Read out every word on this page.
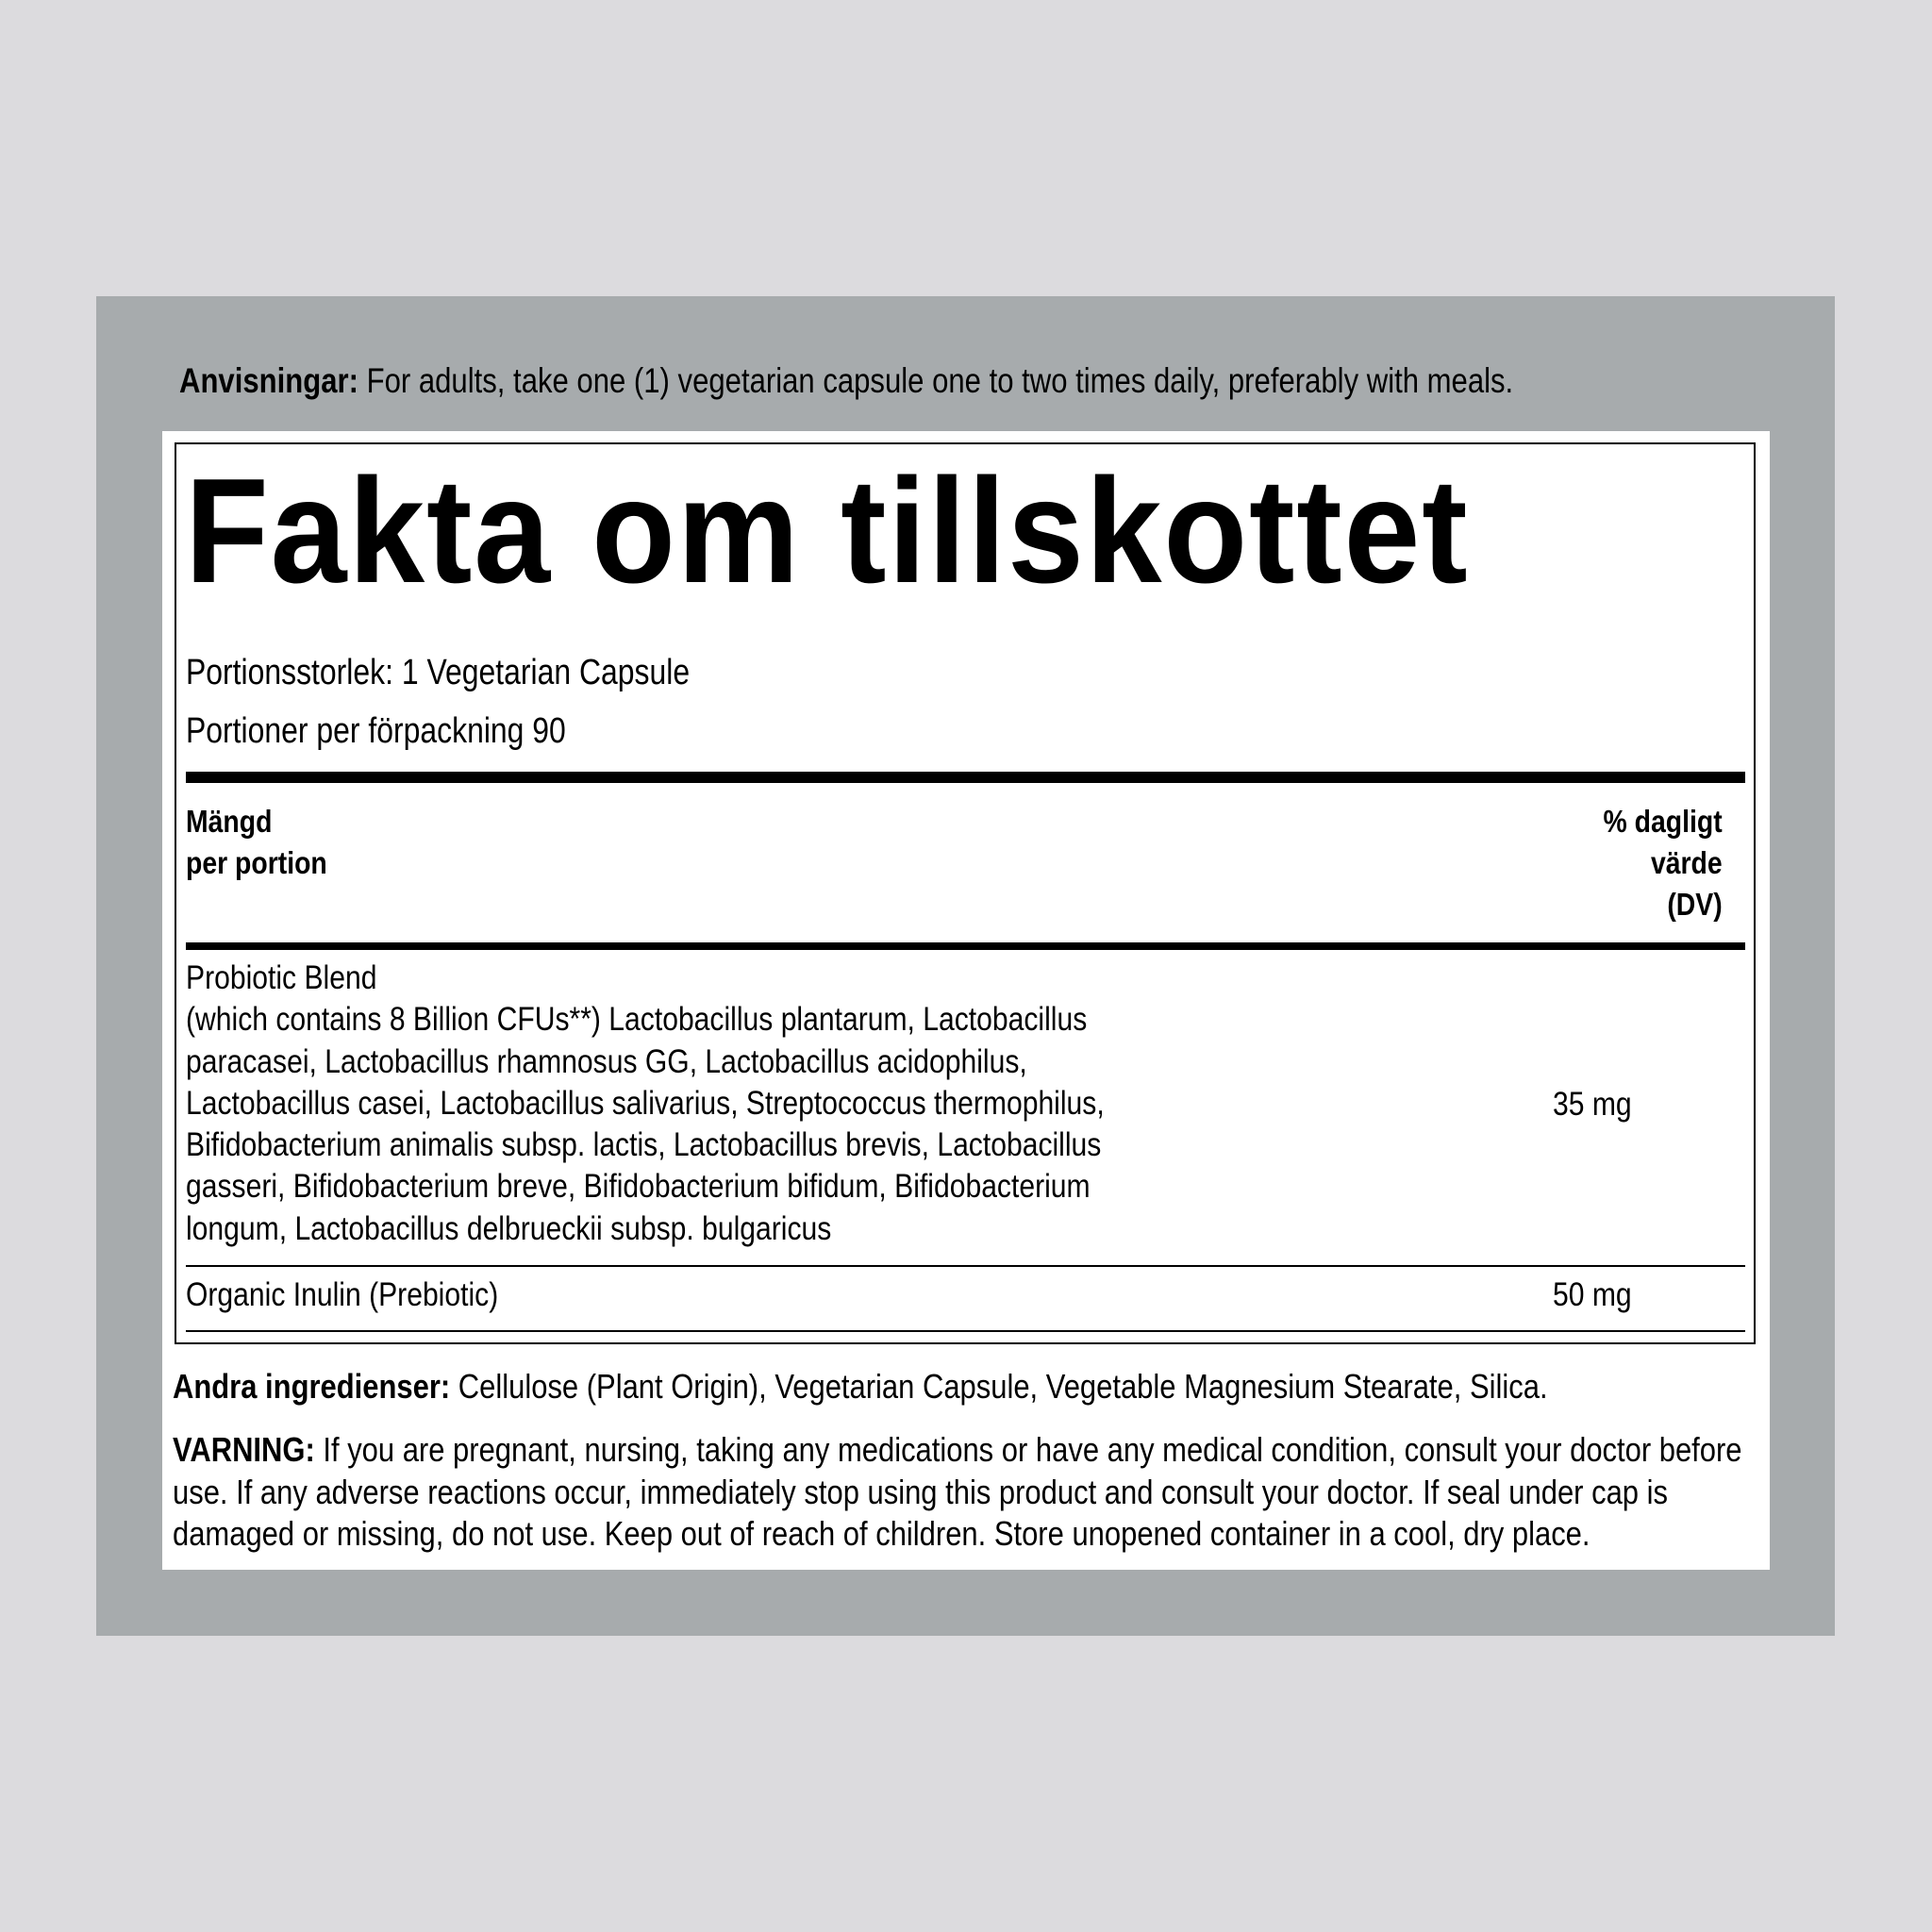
Anvisningar: For adults, take one (1) vegetarian capsule one to two times daily, preferably with meals.
Fakta om tillskottet
Portionsstorlek: 1 Vegetarian Capsule
Portioner per förpackning 90
Mängd
per portion
% dagligt
värde
(DV)
Probiotic Blend
(which contains 8 Billion CFUs**) Lactobacillus plantarum, Lactobacillus
paracasei, Lactobacillus rhamnosus GG, Lactobacillus acidophilus,
Lactobacillus casei, Lactobacillus salivarius, Streptococcus thermophilus,
Bifidobacterium animalis subsp. lactis, Lactobacillus brevis, Lactobacillus
gasseri, Bifidobacterium breve, Bifidobacterium bifidum, Bifidobacterium
longum, Lactobacillus delbrueckii subsp. bulgaricus
35 mg
Organic Inulin (Prebiotic)	50 mg
Andra ingredienser: Cellulose (Plant Origin), Vegetarian Capsule, Vegetable Magnesium Stearate, Silica.
VARNING: If you are pregnant, nursing, taking any medications or have any medical condition, consult your doctor before
use. If any adverse reactions occur, immediately stop using this product and consult your doctor. If seal under cap is
damaged or missing, do not use. Keep out of reach of children. Store unopened container in a cool, dry place.
